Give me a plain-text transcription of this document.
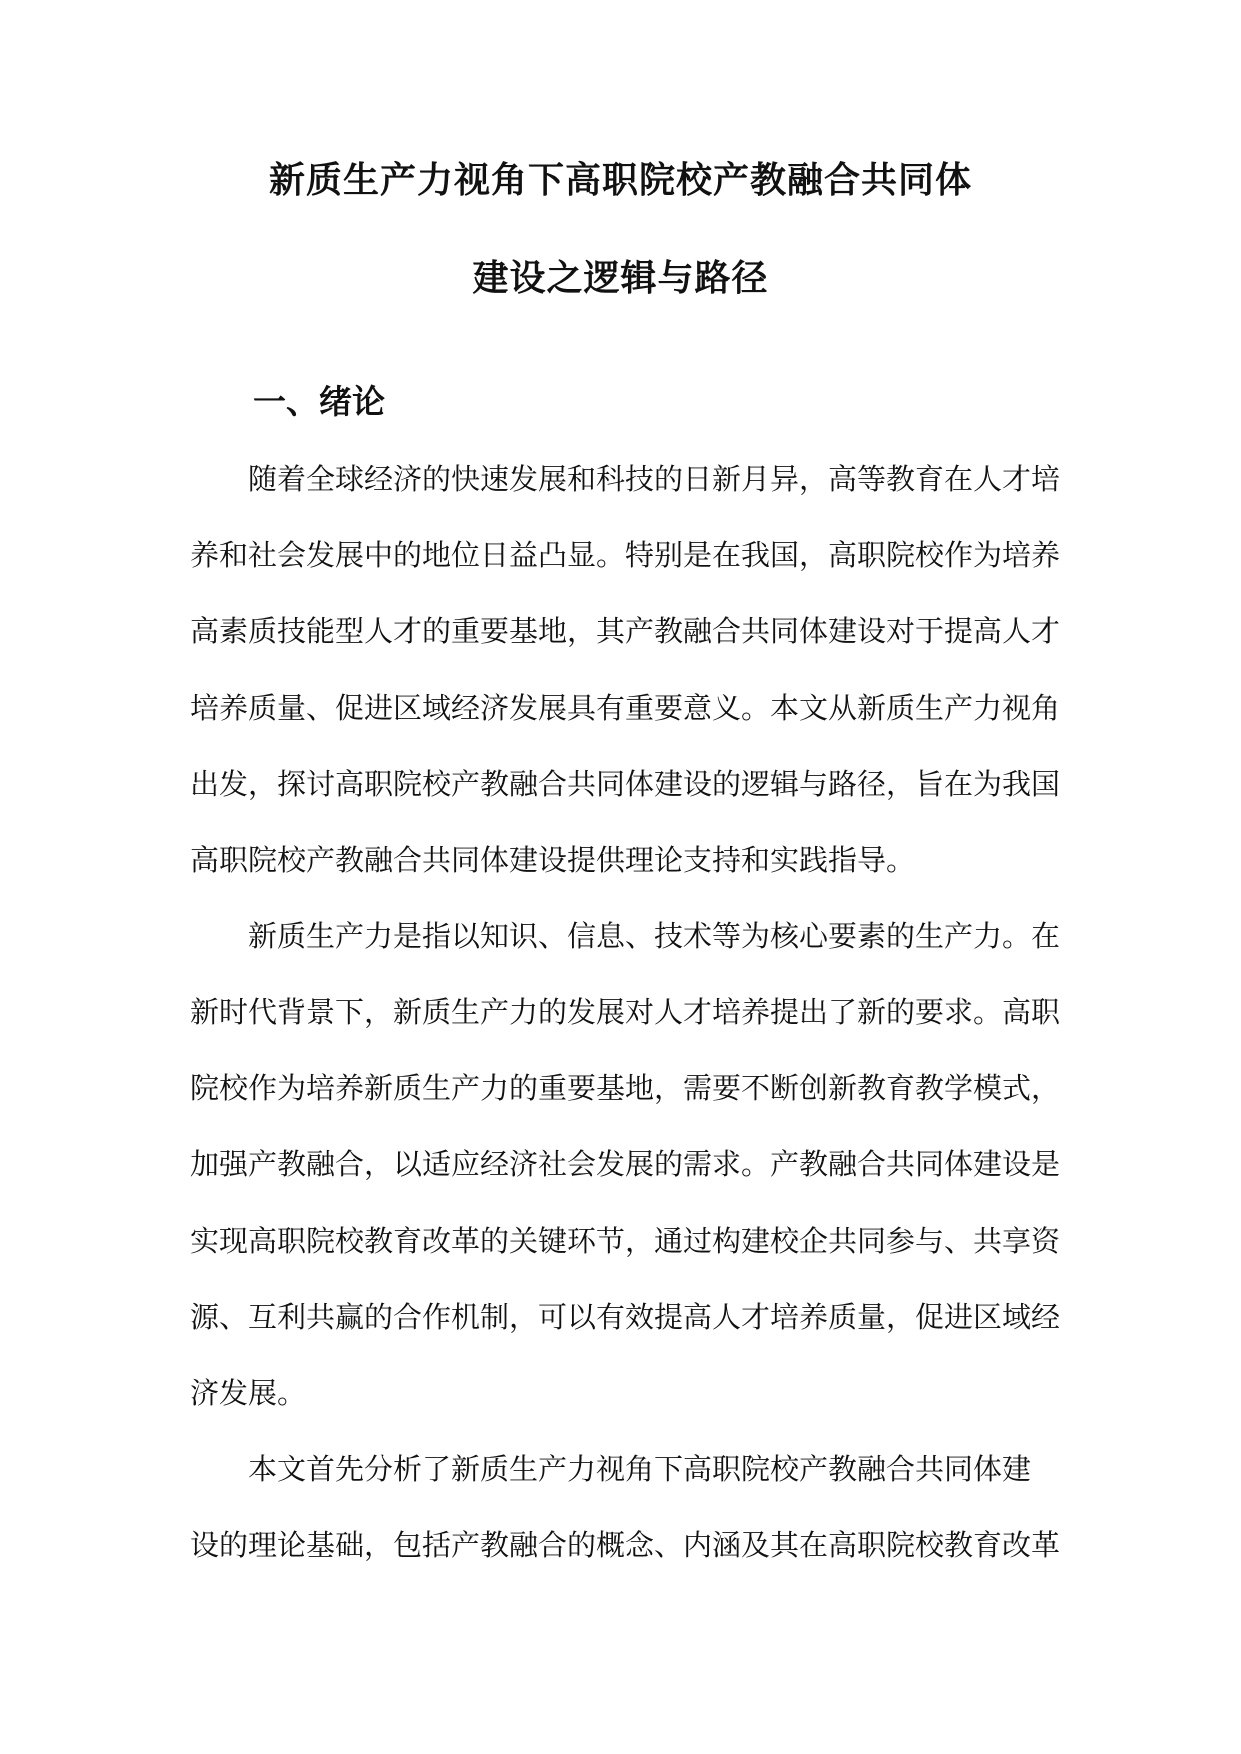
新质生产力视角下高职院校产教融合共同体
建设之逻辑与路径
一、绪论
随着全球经济的快速发展和科技的日新月异，高等教育在人才培
养和社会发展中的地位日益凸显。特别是在我国，高职院校作为培养
高素质技能型人才的重要基地，其产教融合共同体建设对于提高人才
培养质量、促进区域经济发展具有重要意义。本文从新质生产力视角
出发，探讨高职院校产教融合共同体建设的逻辑与路径，旨在为我国
高职院校产教融合共同体建设提供理论支持和实践指导。
新质生产力是指以知识、信息、技术等为核心要素的生产力。在
新时代背景下，新质生产力的发展对人才培养提出了新的要求。高职
院校作为培养新质生产力的重要基地，需要不断创新教育教学模式，
加强产教融合，以适应经济社会发展的需求。产教融合共同体建设是
实现高职院校教育改革的关键环节，通过构建校企共同参与、共享资
源、互利共赢的合作机制，可以有效提高人才培养质量，促进区域经
济发展。
本文首先分析了新质生产力视角下高职院校产教融合共同体建
设的理论基础，包括产教融合的概念、内涵及其在高职院校教育改革
